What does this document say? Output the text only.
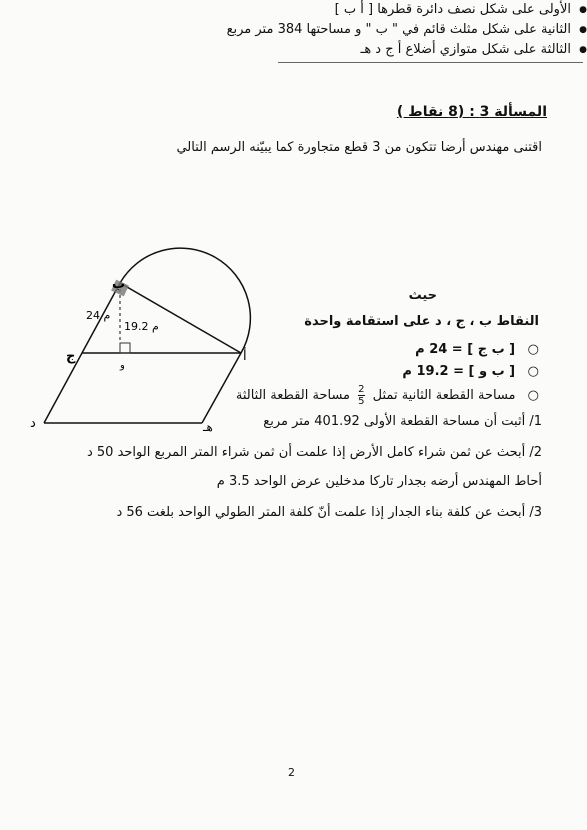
المسألة 3 : (8 نقاط )
اقتنى مهندس أرضا تتكون من 3 قطع متجاورة كما يبيّنه الرسم التالي
● الأولى على شكل نصف دائرة قطرها [ أ ب ]
● الثانية على شكل مثلث قائم في " ب " و مساحتها 384 متر مربع
● الثالثة على شكل متوازي أضلاع أ ج د هـ
ب
ج	أ
د	هـ
و
24 م
19.2 م
حيث
النقاط ب ، ج ، د على استقامة واحدة
○ [ ب ج ] = 24 م
○ [ ب و ] = 19.2 م
○ مساحة القطعة الثانية تمثل
$\frac{2}{5}$
مساحة القطعة الثالثة
1/ أثبت أن مساحة القطعة الأولى 401.92 متر مربع
2/ أبحث عن ثمن شراء كامل الأرض إذا علمت أن ثمن شراء المتر المربع الواحد 50 د
أحاط المهندس أرضه بجدار تاركا مدخلين عرض الواحد 3.5 م
3/ أبحث عن كلفة بناء الجدار إذا علمت أنّ كلفة المتر الطولي الواحد بلغت 56 د
2
